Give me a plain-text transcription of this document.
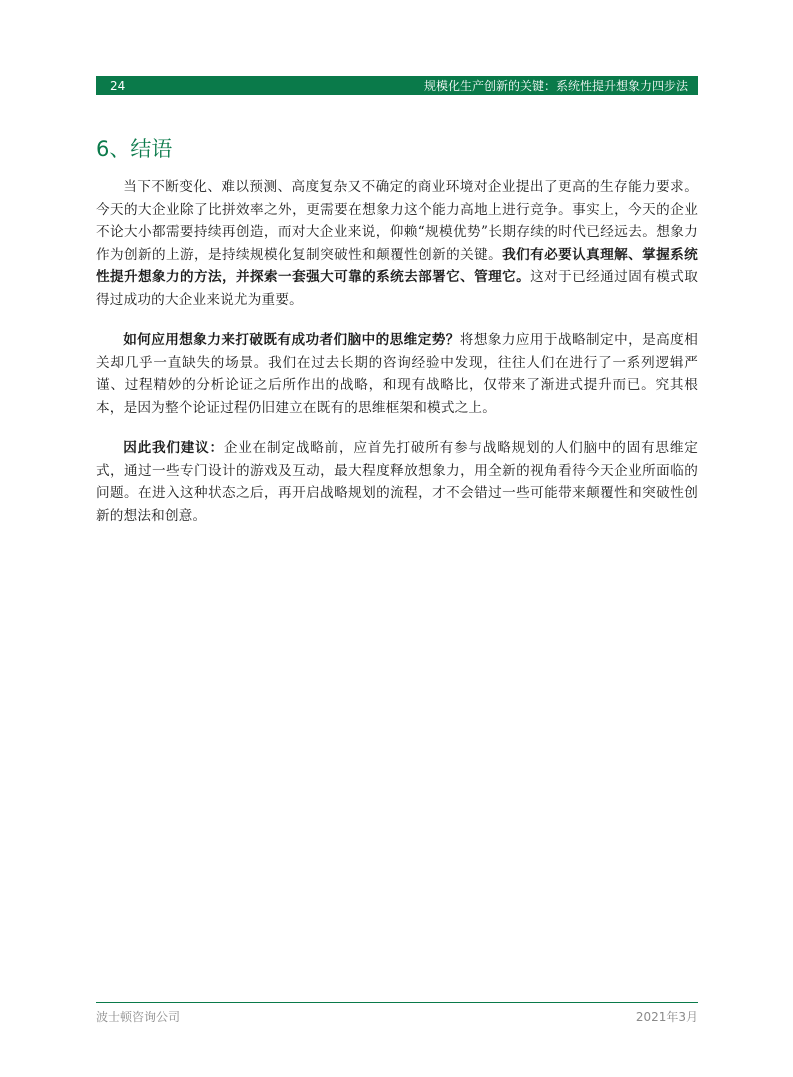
24	规模化生产创新的关键：系统性提升想象力四步法
6、结语

当下不断变化、难以预测、高度复杂又不确定的商业环境对企业提出了更高的生存能力要求。今天的大企业除了比拼效率之外，更需要在想象力这个能力高地上进行竞争。事实上，今天的企业不论大小都需要持续再创造，而对大企业来说，仰赖“规模优势”长期存续的时代已经远去。想象力作为创新的上游，是持续规模化复制突破性和颠覆性创新的关键。我们有必要认真理解、掌握系统性提升想象力的方法，并探索一套强大可靠的系统去部署它、管理它。这对于已经通过固有模式取得过成功的大企业来说尤为重要。

如何应用想象力来打破既有成功者们脑中的思维定势？将想象力应用于战略制定中，是高度相关却几乎一直缺失的场景。我们在过去长期的咨询经验中发现，往往人们在进行了一系列逻辑严谨、过程精妙的分析论证之后所作出的战略，和现有战略比，仅带来了渐进式提升而已。究其根本，是因为整个论证过程仍旧建立在既有的思维框架和模式之上。

因此我们建议：企业在制定战略前，应首先打破所有参与战略规划的人们脑中的固有思维定式，通过一些专门设计的游戏及互动，最大程度释放想象力，用全新的视角看待今天企业所面临的问题。在进入这种状态之后，再开启战略规划的流程，才不会错过一些可能带来颠覆性和突破性创新的想法和创意。

波士顿咨询公司	2021年3月
